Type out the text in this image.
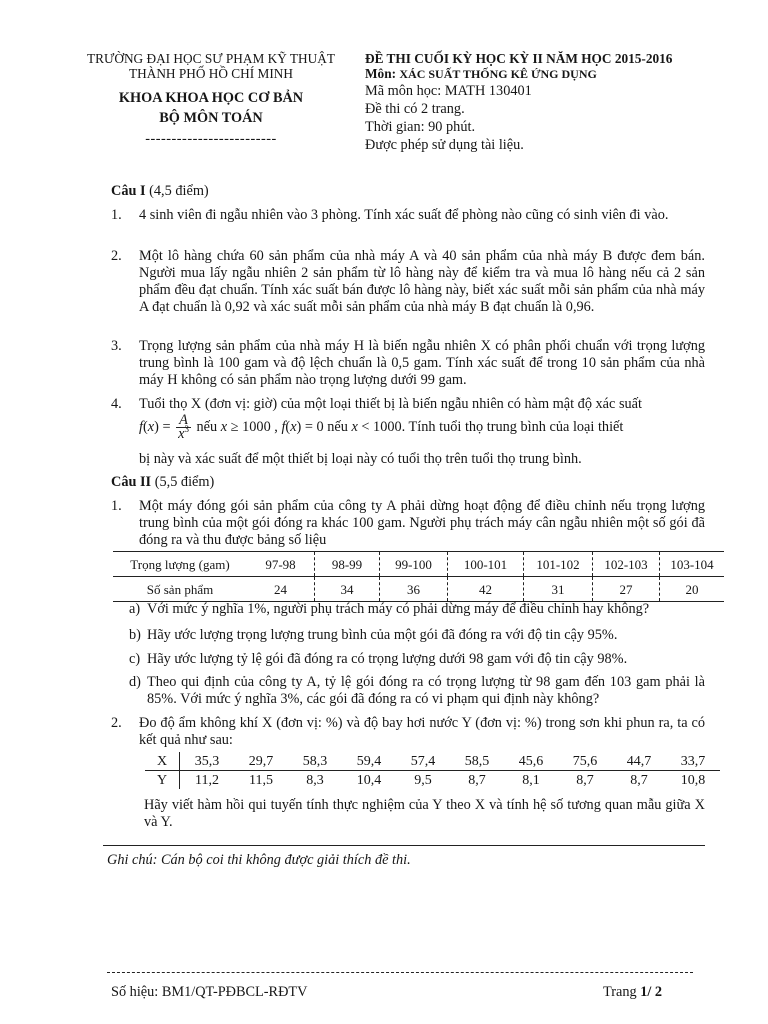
TRƯỜNG ĐẠI HỌC SƯ PHẠM KỸ THUẬT
THÀNH PHỐ HỒ CHÍ MINH
KHOA KHOA HỌC CƠ BẢN
BỘ MÔN TOÁN
-------------------------
ĐỀ THI CUỐI KỲ HỌC KỲ II NĂM HỌC 2015-2016
Môn: XÁC SUẤT THỐNG KÊ ỨNG DỤNG
Mã môn học: MATH 130401
Đề thi có 2 trang.
Thời gian: 90 phút.
Được phép sử dụng tài liệu.
Câu I (4,5 điểm)
1. 4 sinh viên đi ngẫu nhiên vào 3 phòng. Tính xác suất để phòng nào cũng có sinh viên đi vào.
2. Một lô hàng chứa 60 sản phẩm của nhà máy A và 40 sản phẩm của nhà máy B được đem bán. Người mua lấy ngẫu nhiên 2 sản phẩm từ lô hàng này để kiểm tra và mua lô hàng nếu cả 2 sản phẩm đều đạt chuẩn. Tính xác suất bán được lô hàng này, biết xác suất mỗi sản phẩm của nhà máy A đạt chuẩn là 0,92 và xác suất mỗi sản phẩm của nhà máy B đạt chuẩn là 0,96.
3. Trọng lượng sản phẩm của nhà máy H là biến ngẫu nhiên X có phân phối chuẩn với trọng lượng trung bình là 100 gam và độ lệch chuẩn là 0,5 gam. Tính xác suất để trong 10 sản phẩm của nhà máy H không có sản phẩm nào trọng lượng dưới 99 gam.
4. Tuổi thọ X (đơn vị: giờ) của một loại thiết bị là biến ngẫu nhiên có hàm mật độ xác suất
$f(x) = \frac{A}{x^3}$ nếu x ≥ 1000 , f(x) = 0 nếu x < 1000. Tính tuổi thọ trung bình của loại thiết
bị này và xác suất để một thiết bị loại này có tuổi thọ trên tuổi thọ trung bình.
Câu II (5,5 điểm)
1. Một máy đóng gói sản phẩm của công ty A phải dừng hoạt động để điều chỉnh nếu trọng lượng trung bình của một gói đóng ra khác 100 gam. Người phụ trách máy cân ngẫu nhiên một số gói đã đóng ra và thu được bảng số liệu
Trọng lượng (gam)	97-98	98-99	99-100	100-101	101-102	102-103	103-104
Số sản phẩm	24	34	36	42	31	27	20
a) Với mức ý nghĩa 1%, người phụ trách máy có phải dừng máy để điều chỉnh hay không?
b) Hãy ước lượng trọng lượng trung bình của một gói đã đóng ra với độ tin cậy 95%.
c) Hãy ước lượng tỷ lệ gói đã đóng ra có trọng lượng dưới 98 gam với độ tin cậy 98%.
d) Theo qui định của công ty A, tỷ lệ gói đóng ra có trọng lượng từ 98 gam đến 103 gam phải là 85%. Với mức ý nghĩa 3%, các gói đã đóng ra có vi phạm qui định này không?
2. Đo độ ẩm không khí X (đơn vị: %) và độ bay hơi nước Y (đơn vị: %) trong sơn khi phun ra, ta có kết quả như sau:
X	35,3	29,7	58,3	59,4	57,4	58,5	45,6	75,6	44,7	33,7
Y	11,2	11,5	8,3	10,4	9,5	8,7	8,1	8,7	8,7	10,8
Hãy viết hàm hồi qui tuyến tính thực nghiệm của Y theo X và tính hệ số tương quan mẫu giữa X và Y.
Ghi chú: Cán bộ coi thi không được giải thích đề thi.
Số hiệu: BM1/QT-PĐBCL-RĐTV	Trang 1/ 2
